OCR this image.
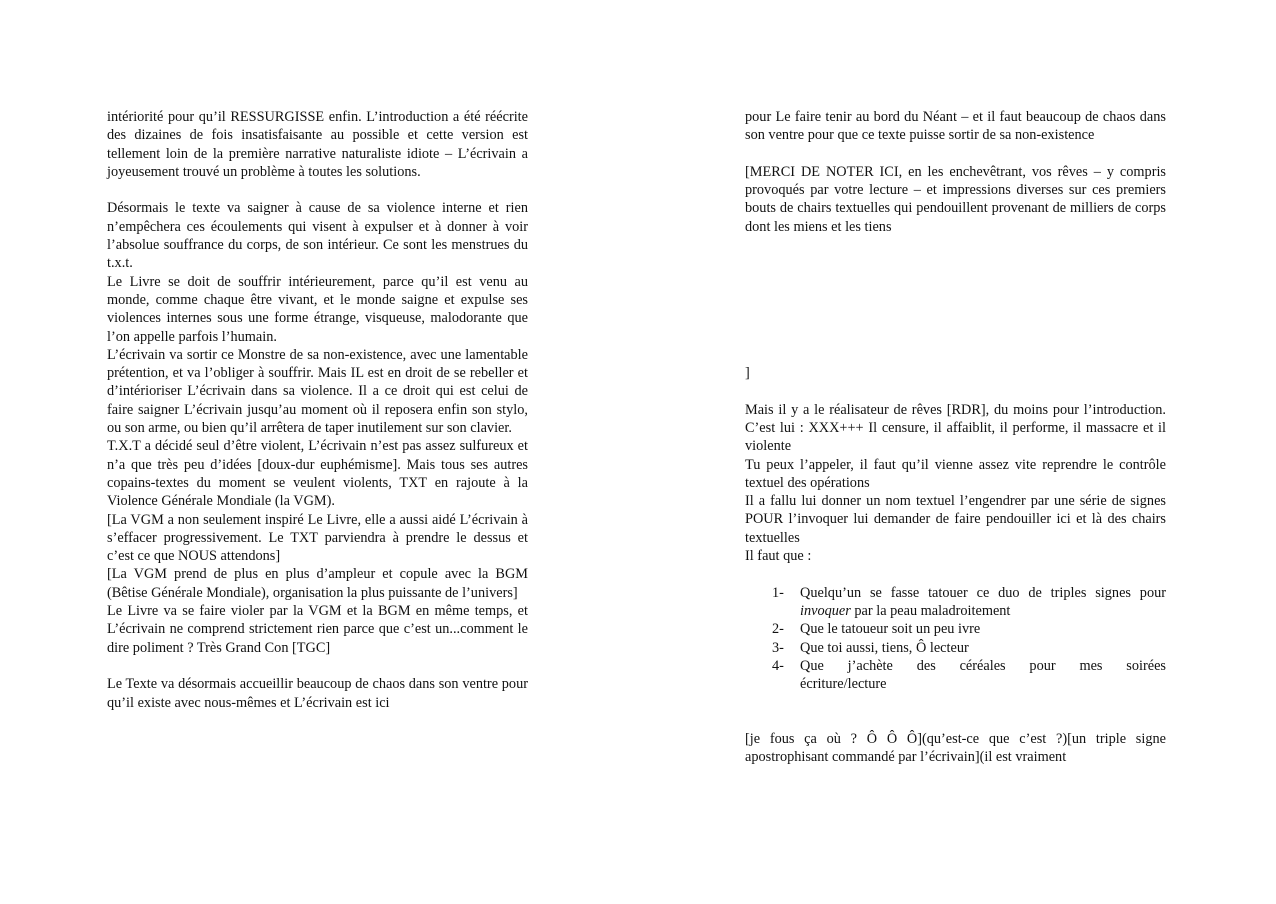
intériorité pour qu’il RESSURGISSE enfin. L’introduction a été réécrite des dizaines de fois insatisfaisante au possible et cette version est tellement loin de la première narrative naturaliste idiote – L’écrivain a joyeusement trouvé un problème à toutes les solutions.

Désormais le texte va saigner à cause de sa violence interne et rien n’empêchera ces écoulements qui visent à expulser et à donner à voir l’absolue souffrance du corps, de son intérieur. Ce sont les menstrues du t.x.t.

Le Livre se doit de souffrir intérieurement, parce qu’il est venu au monde, comme chaque être vivant, et le monde saigne et expulse ses violences internes sous une forme étrange, visqueuse, malodorante que l’on appelle parfois l’humain.

L’écrivain va sortir ce Monstre de sa non-existence, avec une lamentable prétention, et va l’obliger à souffrir. Mais IL est en droit de se rebeller et d’intérioriser L’écrivain dans sa violence. Il a ce droit qui est celui de faire saigner L’écrivain jusqu’au moment où il reposera enfin son stylo, ou son arme, ou bien qu’il arrêtera de taper inutilement sur son clavier.

T.X.T a décidé seul d’être violent, L’écrivain n’est pas assez sulfureux et n’a que très peu d’idées [doux-dur euphémisme]. Mais tous ses autres copains-textes du moment se veulent violents, TXT en rajoute à la Violence Générale Mondiale (la VGM).

[La VGM a non seulement inspiré Le Livre, elle a aussi aidé L’écrivain à s’effacer progressivement. Le TXT parviendra à prendre le dessus et c’est ce que NOUS attendons]

[La VGM prend de plus en plus d’ampleur et copule avec la BGM (Bêtise Générale Mondiale), organisation la plus puissante de l’univers]

Le Livre va se faire violer par la VGM et la BGM en même temps, et L’écrivain ne comprend strictement rien parce que c’est un...comment le dire poliment ? Très Grand Con [TGC]

Le Texte va désormais accueillir beaucoup de chaos dans son ventre pour qu’il existe avec nous-mêmes et L’écrivain est ici

pour Le faire tenir au bord du Néant – et il faut beaucoup de chaos dans son ventre pour que ce texte puisse sortir de sa non-existence

[MERCI DE NOTER ICI, en les enchevêtrant, vos rêves – y compris provoqués par votre lecture – et impressions diverses sur ces premiers bouts de chairs textuelles qui pendouillent provenant de milliers de corps dont les miens et les tiens

]

Mais il y a le réalisateur de rêves [RDR], du moins pour l’introduction. C’est lui : XXX+++ Il censure, il affaiblit, il performe, il massacre et il violente

Tu peux l’appeler, il faut qu’il vienne assez vite reprendre le contrôle textuel des opérations

Il a fallu lui donner un nom textuel l’engendrer par une série de signes POUR l’invoquer lui demander de faire pendouiller ici et là des chairs textuelles

Il faut que :

1-	Quelqu’un se fasse tatouer ce duo de triples signes pour invoquer par la peau maladroitement
2-	Que le tatoueur soit un peu ivre
3-	Que toi aussi, tiens, Ô lecteur
4-	Que j’achète des céréales pour mes soirées écriture/lecture

[je fous ça où ? Ô Ô Ô](qu’est-ce que c’est ?)[un triple signe apostrophisant commandé par l’écrivain](il est vraiment
